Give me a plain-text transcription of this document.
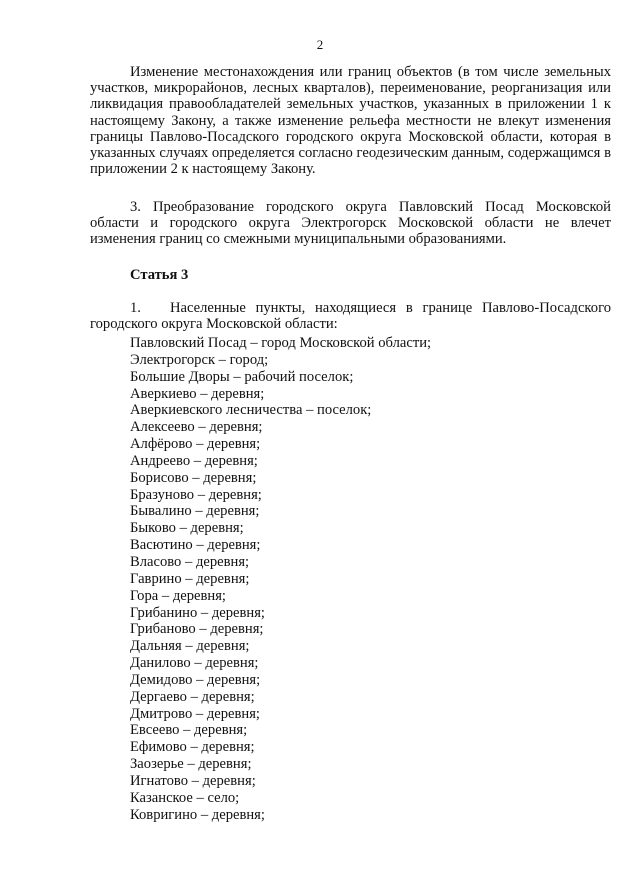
2

Изменение местонахождения или границ объектов (в том числе земельных участков, микрорайонов, лесных кварталов), переименование, реорганизация или ликвидация правообладателей земельных участков, указанных в приложении 1 к настоящему Закону, а также изменение рельефа местности не влекут изменения границы Павлово-Посадского городского округа Московской области, которая в указанных случаях определяется согласно геодезическим данным, содержащимся в приложении 2 к настоящему Закону.

3. Преобразование городского округа Павловский Посад Московской области и городского округа Электрогорск Московской области не влечет изменения границ со смежными муниципальными образованиями.

Статья 3

1. Населенные пункты, находящиеся в границе Павлово-Посадского городского округа Московской области:

Павловский Посад – город Московской области;
Электрогорск – город;
Большие Дворы – рабочий поселок;
Аверкиево – деревня;
Аверкиевского лесничества – поселок;
Алексеево – деревня;
Алфёрово – деревня;
Андреево – деревня;
Борисово – деревня;
Бразуново – деревня;
Бывалино – деревня;
Быково – деревня;
Васютино – деревня;
Власово – деревня;
Гаврино – деревня;
Гора – деревня;
Грибанино – деревня;
Грибаново – деревня;
Дальняя – деревня;
Данилово – деревня;
Демидово – деревня;
Дергаево – деревня;
Дмитрово – деревня;
Евсеево – деревня;
Ефимово – деревня;
Заозерье – деревня;
Игнатово – деревня;
Казанское – село;
Ковригино – деревня;
